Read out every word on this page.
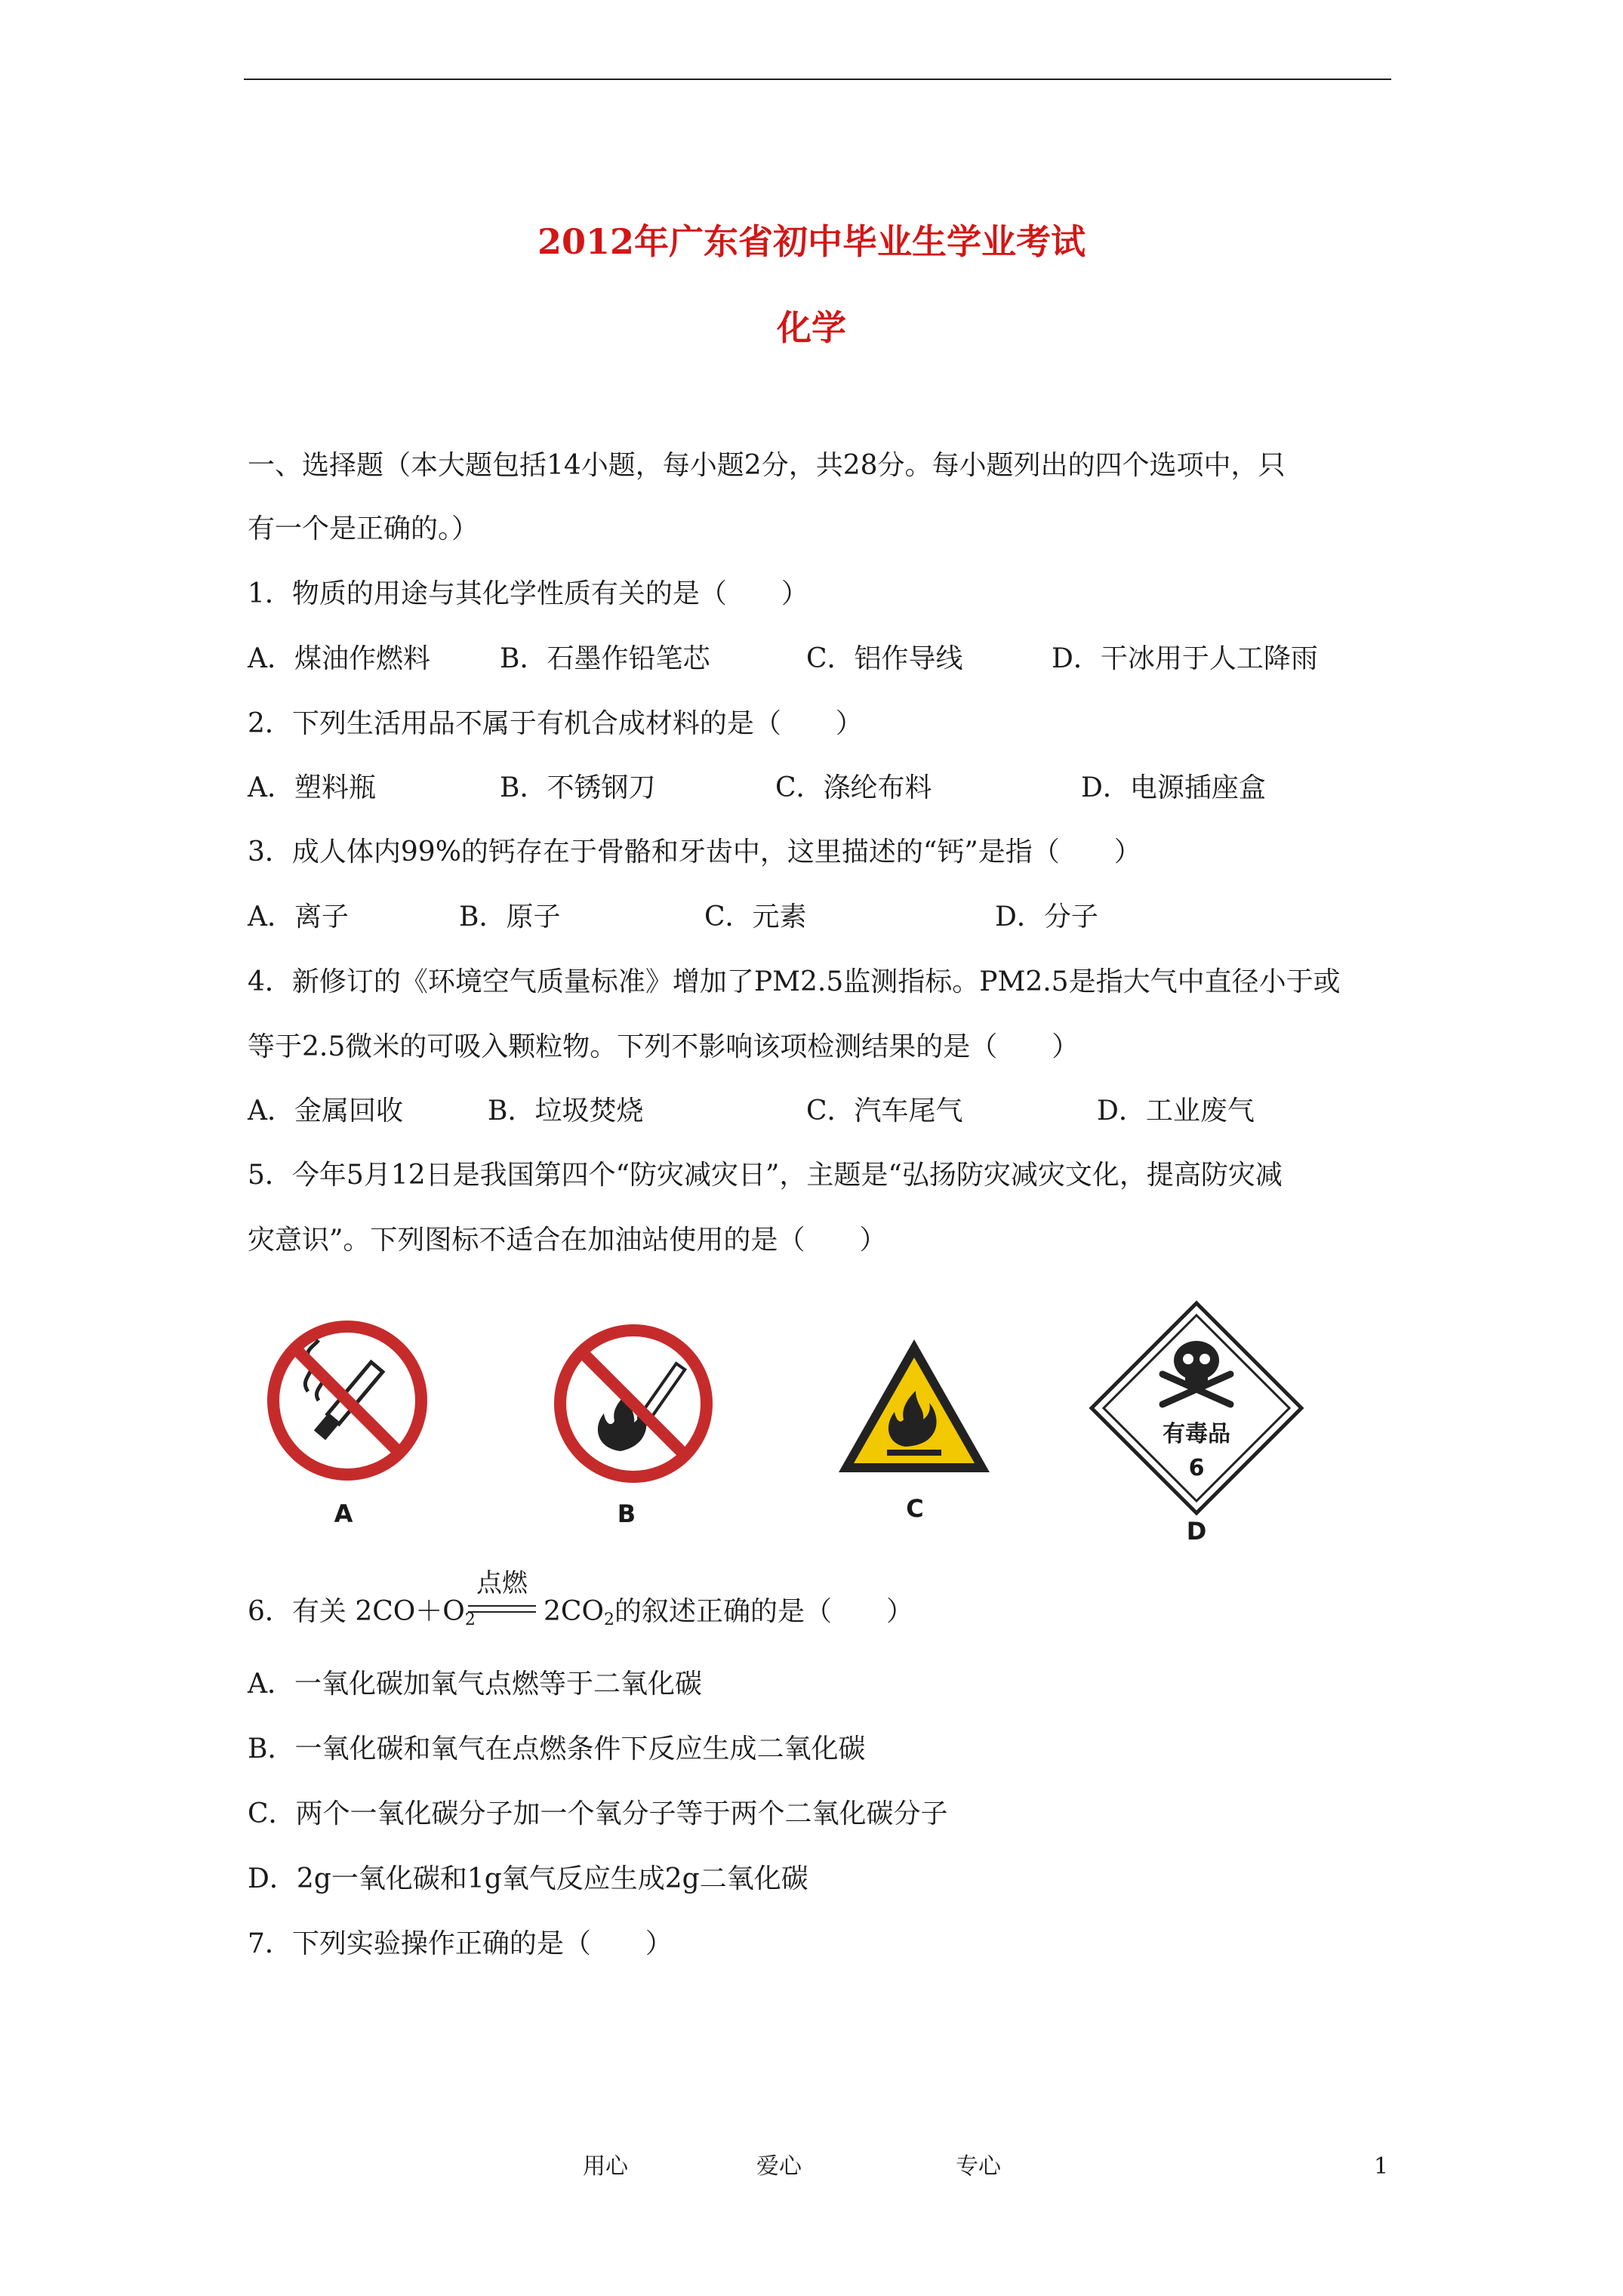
2012年广东省初中毕业生学业考试
化学
一、选择题（本大题包括14小题，每小题2分，共28分。每小题列出的四个选项中，只
有一个是正确的。）
1．物质的用途与其化学性质有关的是（　　）
A．煤油作燃料	B．石墨作铅笔芯	C．铝作导线	D．干冰用于人工降雨
2．下列生活用品不属于有机合成材料的是（　　）
A．塑料瓶	B．不锈钢刀	C．涤纶布料	D．电源插座盒
3．成人体内99%的钙存在于骨骼和牙齿中，这里描述的“钙”是指（　　）
A．离子	B．原子	C．元素	D．分子
4．新修订的《环境空气质量标准》增加了PM2.5监测指标。PM2.5是指大气中直径小于或
等于2.5微米的可吸入颗粒物。下列不影响该项检测结果的是（　　）
A．金属回收	B．垃圾焚烧	C．汽车尾气	D．工业废气
5．今年5月12日是我国第四个“防灾减灾日”，主题是“弘扬防灾减灾文化，提高防灾减
灾意识”。下列图标不适合在加油站使用的是（　　）
A	B	C
有毒品
6
D
6．有关 $2CO+O_2$
点燃
$2CO_2$的叙述正确的是（　　）
A．一氧化碳加氧气点燃等于二氧化碳
B．一氧化碳和氧气在点燃条件下反应生成二氧化碳
C．两个一氧化碳分子加一个氧分子等于两个二氧化碳分子
D．2g一氧化碳和1g氧气反应生成2g二氧化碳
7．下列实验操作正确的是（　　）
用心	爱心	专心	1
